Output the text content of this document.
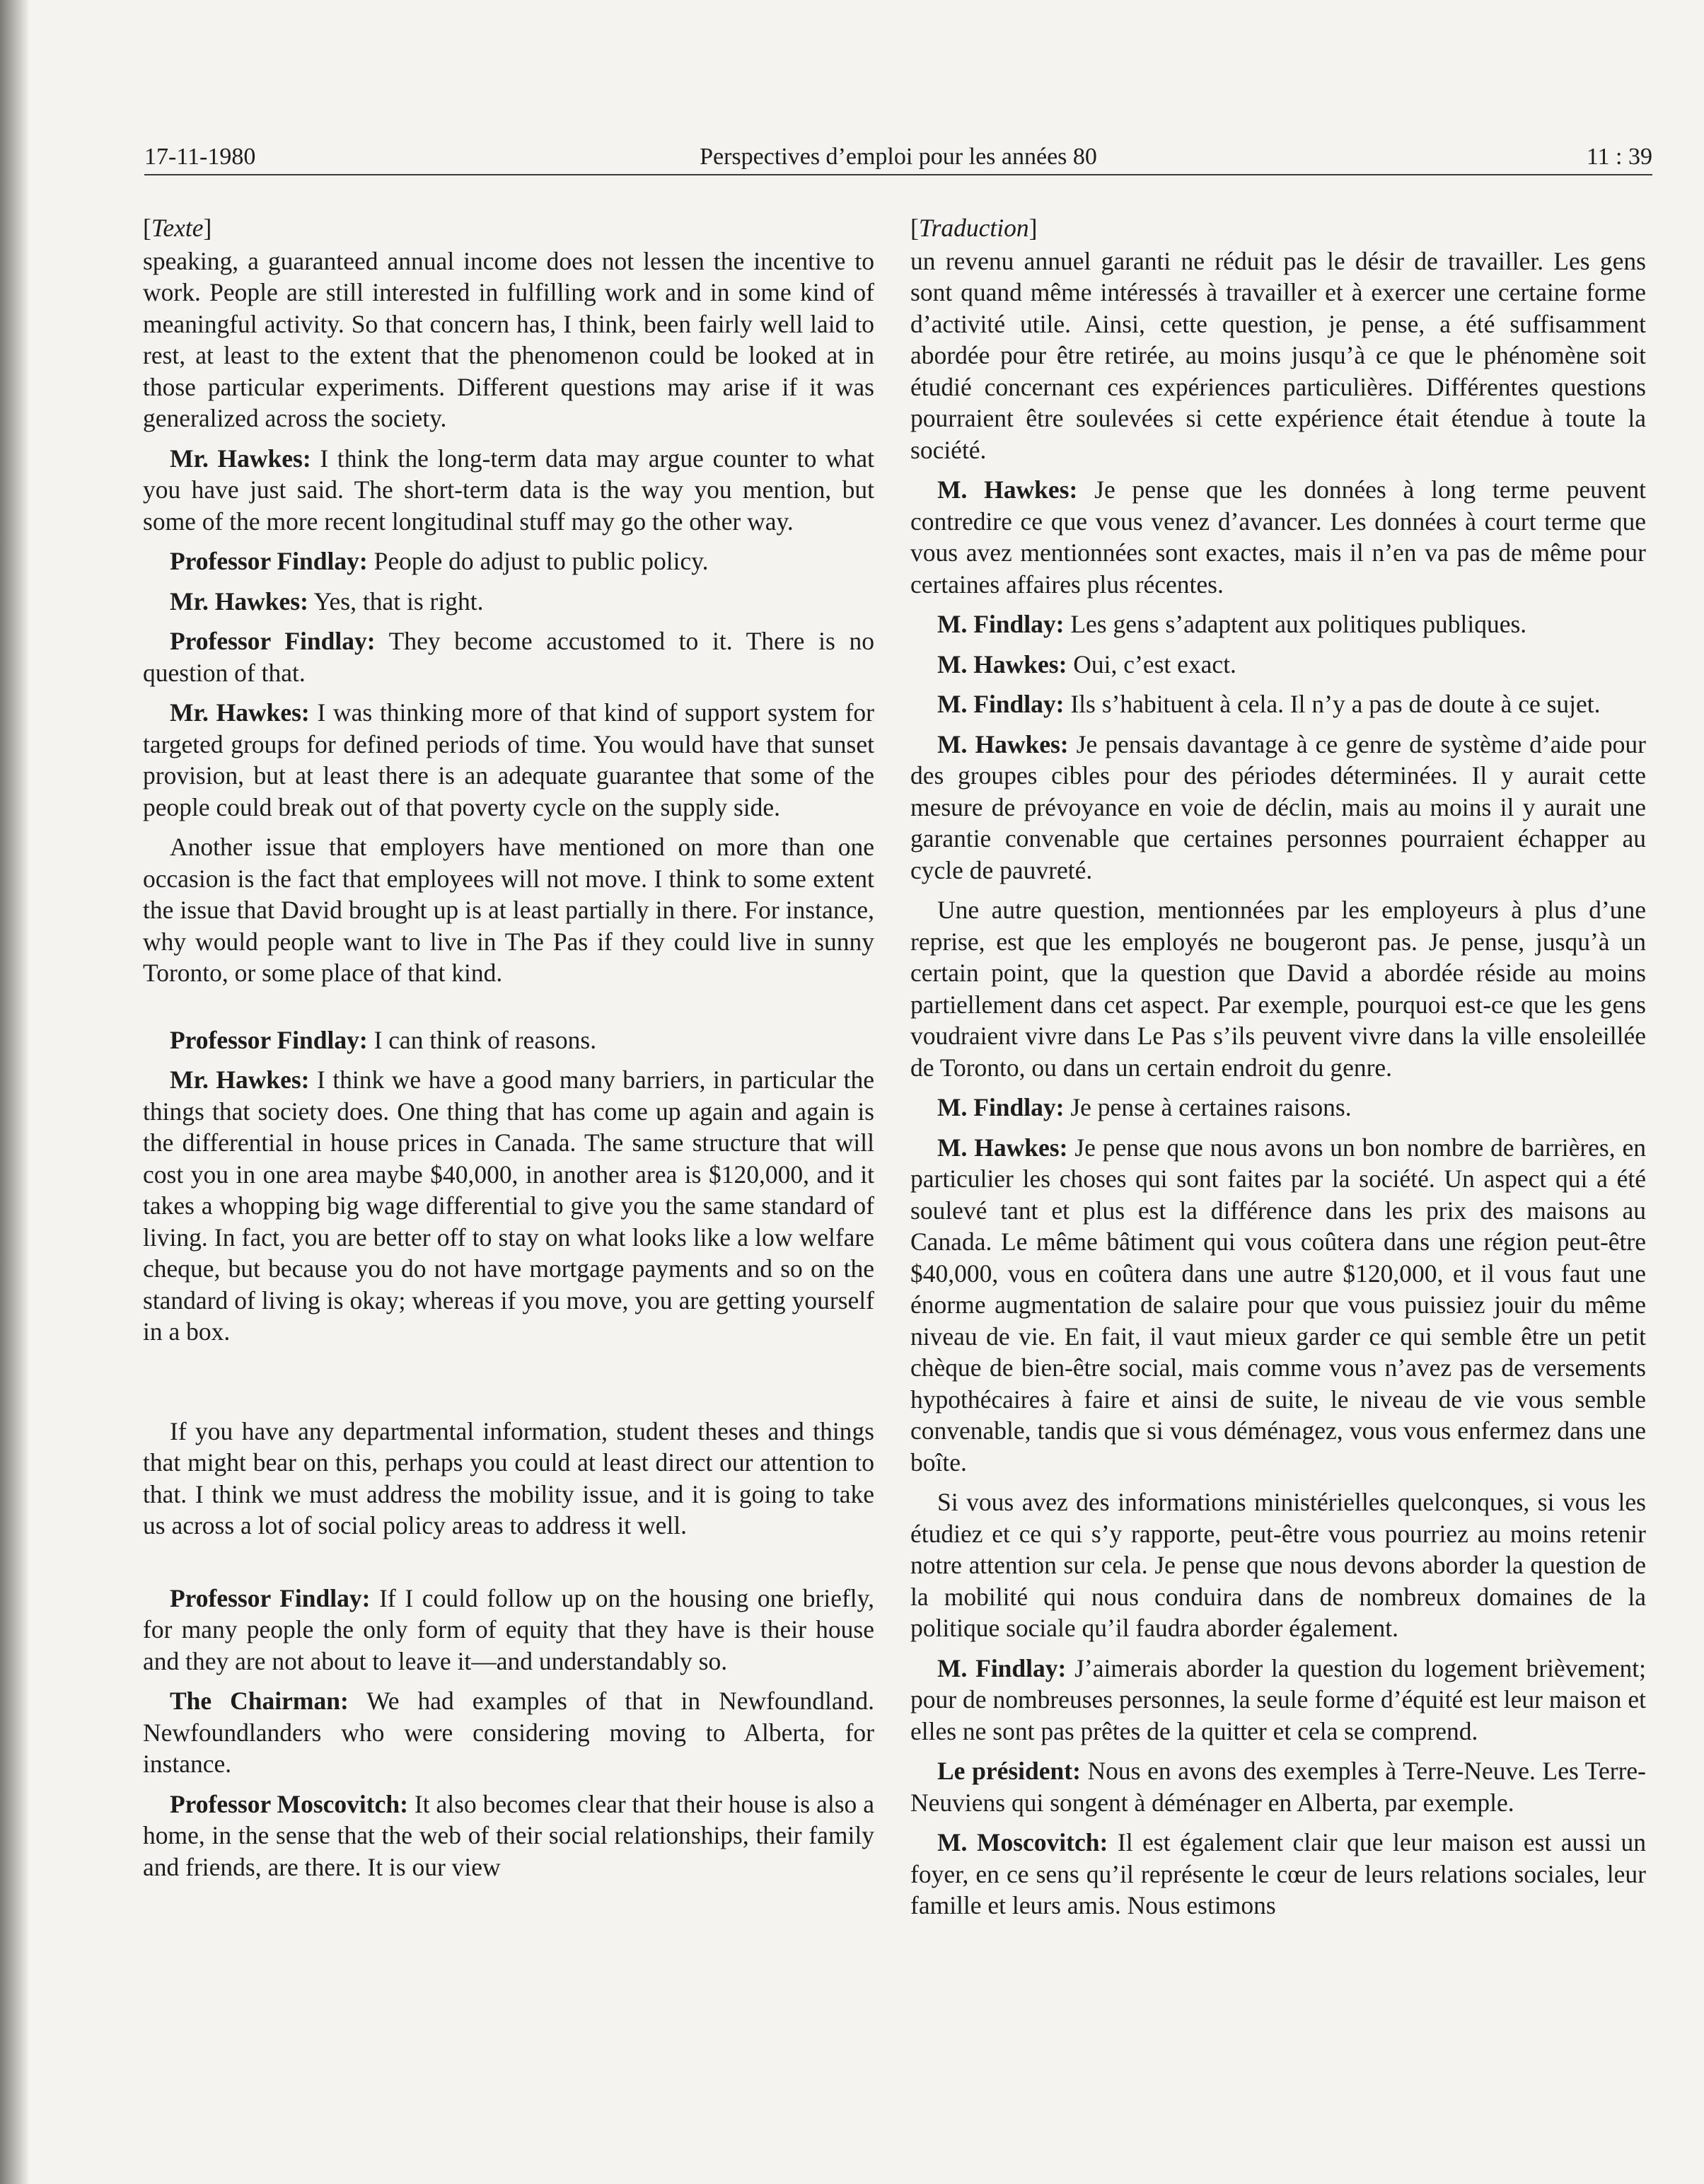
17-11-1980	Perspectives d’emploi pour les années 80	11 : 39
[Texte]

speaking, a guaranteed annual income does not lessen the incentive to work. People are still interested in fulfilling work and in some kind of meaningful activity. So that concern has, I think, been fairly well laid to rest, at least to the extent that the phenomenon could be looked at in those particular experiments. Different questions may arise if it was generalized across the society.

Mr. Hawkes: I think the long-term data may argue counter to what you have just said. The short-term data is the way you mention, but some of the more recent longitudinal stuff may go the other way.

Professor Findlay: People do adjust to public policy.

Mr. Hawkes: Yes, that is right.

Professor Findlay: They become accustomed to it. There is no question of that.

Mr. Hawkes: I was thinking more of that kind of support system for targeted groups for defined periods of time. You would have that sunset provision, but at least there is an adequate guarantee that some of the people could break out of that poverty cycle on the supply side.

Another issue that employers have mentioned on more than one occasion is the fact that employees will not move. I think to some extent the issue that David brought up is at least partially in there. For instance, why would people want to live in The Pas if they could live in sunny Toronto, or some place of that kind.

Professor Findlay: I can think of reasons.

Mr. Hawkes: I think we have a good many barriers, in particular the things that society does. One thing that has come up again and again is the differential in house prices in Canada. The same structure that will cost you in one area maybe $40,000, in another area is $120,000, and it takes a whopping big wage differential to give you the same standard of living. In fact, you are better off to stay on what looks like a low welfare cheque, but because you do not have mortgage payments and so on the standard of living is okay; whereas if you move, you are getting yourself in a box.

If you have any departmental information, student theses and things that might bear on this, perhaps you could at least direct our attention to that. I think we must address the mobility issue, and it is going to take us across a lot of social policy areas to address it well.

Professor Findlay: If I could follow up on the housing one briefly, for many people the only form of equity that they have is their house and they are not about to leave it—and understandably so.

The Chairman: We had examples of that in Newfoundland. Newfoundlanders who were considering moving to Alberta, for instance.

Professor Moscovitch: It also becomes clear that their house is also a home, in the sense that the web of their social relationships, their family and friends, are there. It is our view

[Traduction]

un revenu annuel garanti ne réduit pas le désir de travailler. Les gens sont quand même intéressés à travailler et à exercer une certaine forme d’activité utile. Ainsi, cette question, je pense, a été suffisamment abordée pour être retirée, au moins jusqu’à ce que le phénomène soit étudié concernant ces expériences particulières. Différentes questions pourraient être soulevées si cette expérience était étendue à toute la société.

M. Hawkes: Je pense que les données à long terme peuvent contredire ce que vous venez d’avancer. Les données à court terme que vous avez mentionnées sont exactes, mais il n’en va pas de même pour certaines affaires plus récentes.

M. Findlay: Les gens s’adaptent aux politiques publiques.

M. Hawkes: Oui, c’est exact.

M. Findlay: Ils s’habituent à cela. Il n’y a pas de doute à ce sujet.

M. Hawkes: Je pensais davantage à ce genre de système d’aide pour des groupes cibles pour des périodes déterminées. Il y aurait cette mesure de prévoyance en voie de déclin, mais au moins il y aurait une garantie convenable que certaines personnes pourraient échapper au cycle de pauvreté.

Une autre question, mentionnées par les employeurs à plus d’une reprise, est que les employés ne bougeront pas. Je pense, jusqu’à un certain point, que la question que David a abordée réside au moins partiellement dans cet aspect. Par exemple, pourquoi est-ce que les gens voudraient vivre dans Le Pas s’ils peuvent vivre dans la ville ensoleillée de Toronto, ou dans un certain endroit du genre.

M. Findlay: Je pense à certaines raisons.

M. Hawkes: Je pense que nous avons un bon nombre de barrières, en particulier les choses qui sont faites par la société. Un aspect qui a été soulevé tant et plus est la différence dans les prix des maisons au Canada. Le même bâtiment qui vous coûtera dans une région peut-être $40,000, vous en coûtera dans une autre $120,000, et il vous faut une énorme augmentation de salaire pour que vous puissiez jouir du même niveau de vie. En fait, il vaut mieux garder ce qui semble être un petit chèque de bien-être social, mais comme vous n’avez pas de versements hypothécaires à faire et ainsi de suite, le niveau de vie vous semble convenable, tandis que si vous déménagez, vous vous enfermez dans une boîte.

Si vous avez des informations ministérielles quelconques, si vous les étudiez et ce qui s’y rapporte, peut-être vous pourriez au moins retenir notre attention sur cela. Je pense que nous devons aborder la question de la mobilité qui nous conduira dans de nombreux domaines de la politique sociale qu’il faudra aborder également.

M. Findlay: J’aimerais aborder la question du logement brièvement; pour de nombreuses personnes, la seule forme d’équité est leur maison et elles ne sont pas prêtes de la quitter et cela se comprend.

Le président: Nous en avons des exemples à Terre-Neuve. Les Terre-Neuviens qui songent à déménager en Alberta, par exemple.

M. Moscovitch: Il est également clair que leur maison est aussi un foyer, en ce sens qu’il représente le cœur de leurs relations sociales, leur famille et leurs amis. Nous estimons
